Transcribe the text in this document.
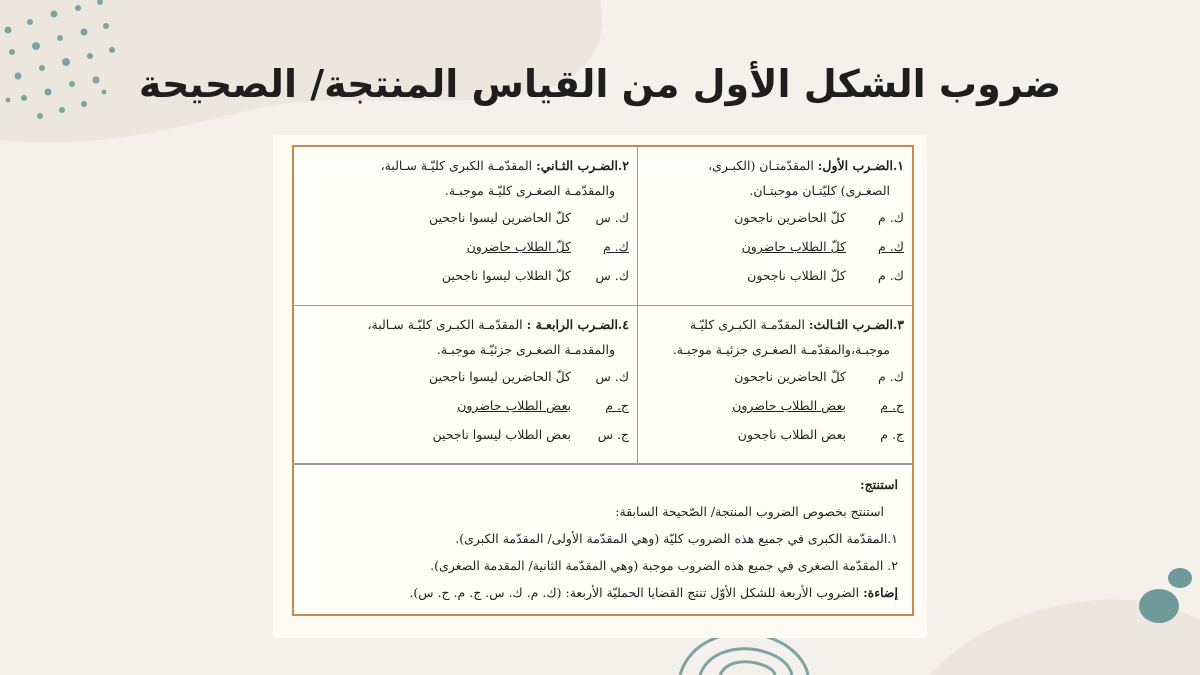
ضروب الشكل الأول من القياس المنتجة/ الصحيحة
١.الضـرب الأول: المقدّمتـان (الكبـرى،
الصغـرى) كليّتـان موجبتـان.
ك. م
كلّ الحاضرين ناجحون
ك. م
كلّ الطلاب حاضرون
ك. م
كلّ الطلاب ناجحون
٢.الضـرب الثـاني: المقدّمـة الكبرى كليّـة سـالبة،
والمقدّمـة الصغـرى كليّـة موجبـة.
ك. س
كلّ الحاضرين ليسوا ناجحين
ك. م
كلّ الطلاب حاضرون
ك. س
كلّ الطلاب ليسوا ناجحين
٣.الضـرب الثـالث: المقدّمـة الكبـرى كليّـة
موجبـة،والمقدّمـة الصغـرى جزئيـة موجبـة.
ك. م
كلّ الحاضرين ناجحون
ج. م
بعض الطلاب حاضرون
ج. م
بعض الطلاب ناجحون
٤.الضـرب الرابعـة : المقدّمـة الكبـرى كليّـة سـالبة،
والمقدمـة الصغـرى جزئيّـة موجبـة.
ك. س
كلّ الحاضرين ليسوا ناجحين
ج. م
بعض الطلاب حاضرون
ج. س
بعض الطلاب ليسوا ناجحين
استنتج:
استنتج بخصوص الضروب المنتجة/ الصّحيحة السابقة:
١.المقدّمة الكبرى في جميع هذه الضروب كليّة (وهي المقدّمة الأولى/ المقدّمة الكبرى).
٢. المقدّمة الصغرى في جميع هذه الضروب موجبة (وهي المقدّمة الثانية/ المقدمة الصغرى).
إضاءة: الضروب الأربعة للشكل الأوّل تنتج القضايا الحمليّة الأربعة: (ك. م. ك. س. ج. م. ج. س).
